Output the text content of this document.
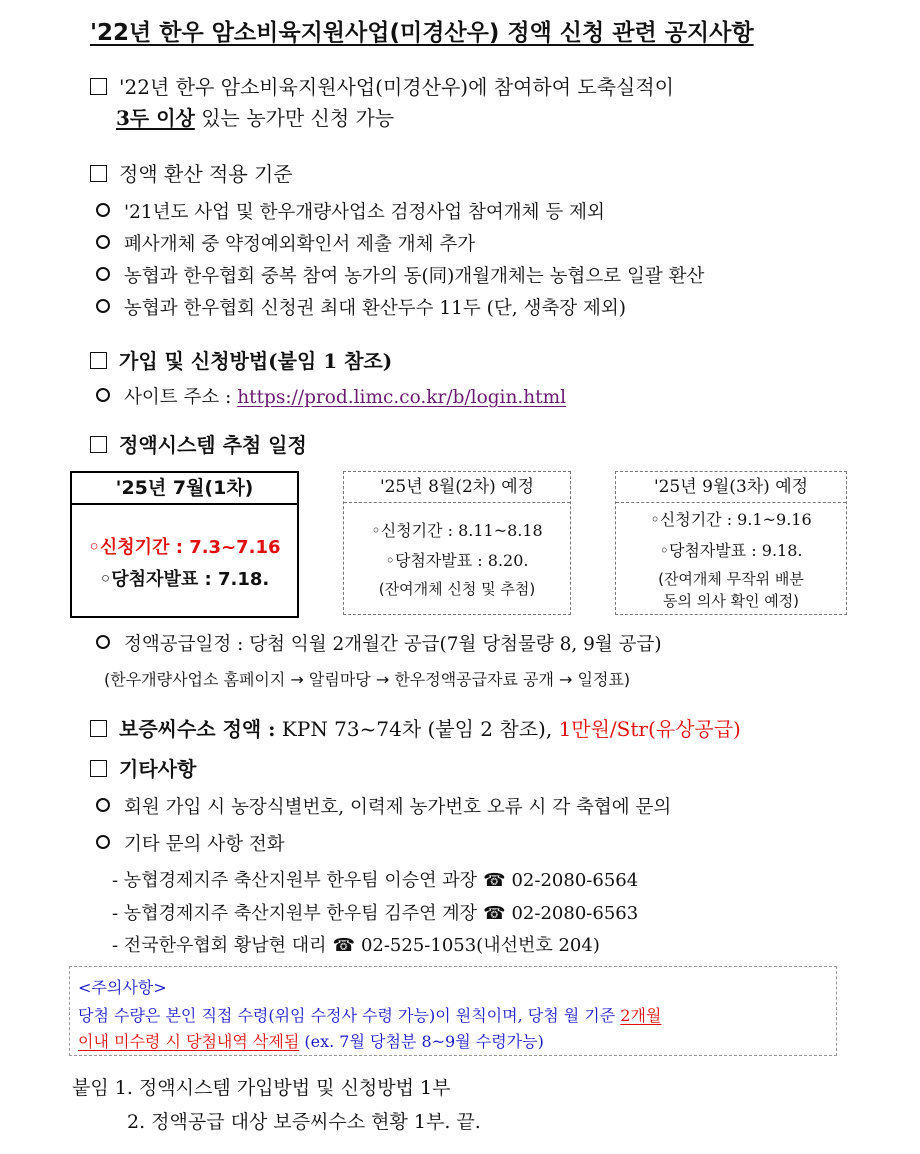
'22년 한우 암소비육지원사업(미경산우) 정액 신청 관련 공지사항
'22년 한우 암소비육지원사업(미경산우)에 참여하여 도축실적이
3두 이상 있는 농가만 신청 가능
정액 환산 적용 기준
'21년도 사업 및 한우개량사업소 검정사업 참여개체 등 제외
폐사개체 중 약정예외확인서 제출 개체 추가
농협과 한우협회 중복 참여 농가의 동(同)개월개체는 농협으로 일괄 환산
농협과 한우협회 신청권 최대 환산두수 11두 (단, 생축장 제외)
가입 및 신청방법(붙임 1 참조)
사이트 주소 : https://prod.limc.co.kr/b/login.html
정액시스템 추첨 일정
'25년 7월(1차)
◦신청기간 : 7.3~7.16
◦당첨자발표 : 7.18.
'25년 8월(2차) 예정
◦신청기간 : 8.11~8.18
◦당첨자발표 : 8.20.
(잔여개체 신청 및 추첨)
'25년 9월(3차) 예정
◦신청기간 : 9.1~9.16
◦당첨자발표 : 9.18.
(잔여개체 무작위 배분
동의 의사 확인 예정)
정액공급일정 : 당첨 익월 2개월간 공급(7월 당첨물량 8, 9월 공급)
(한우개량사업소 홈페이지 → 알림마당 → 한우정액공급자료 공개 → 일정표)
보증씨수소 정액 : KPN 73~74차 (붙임 2 참조), 1만원/Str(유상공급)
기타사항
회원 가입 시 농장식별번호, 이력제 농가번호 오류 시 각 축협에 문의
기타 문의 사항 전화
- 농협경제지주 축산지원부 한우팀 이승연 과장 ☎ 02-2080-6564
- 농협경제지주 축산지원부 한우팀 김주연 계장 ☎ 02-2080-6563
- 전국한우협회 황남현 대리 ☎ 02-525-1053(내선번호 204)
<주의사항>
당첨 수량은 본인 직접 수령(위임 수정사 수령 가능)이 원칙이며, 당첨 월 기준 2개월
이내 미수령 시 당첨내역 삭제됨 (ex. 7월 당첨분 8~9월 수령가능)
붙임 1. 정액시스템 가입방법 및 신청방법 1부
2. 정액공급 대상 보증씨수소 현황 1부. 끝.
